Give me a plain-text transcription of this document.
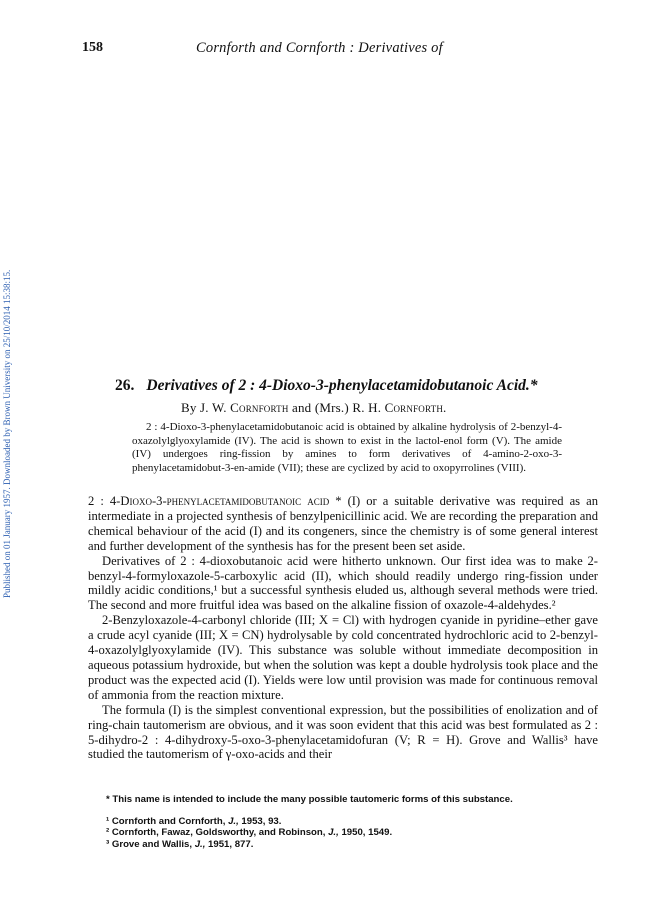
158	Cornforth and Cornforth : Derivatives of
Published on 01 January 1957. Downloaded by Brown University on 25/10/2014 15:38:15.	26. Derivatives of 2 : 4-Dioxo-3-phenylacetamidobutanoic Acid.*
By J. W. Cornforth and (Mrs.) R. H. Cornforth.

2 : 4-Dioxo-3-phenylacetamidobutanoic acid is obtained by alkaline hydrolysis of 2-benzyl-4-oxazolylglyoxylamide (IV). The acid is shown to exist in the lactol-enol form (V). The amide (IV) undergoes ring-fission by amines to form derivatives of 4-amino-2-oxo-3-phenylacetamidobut-3-en-amide (VII); these are cyclized by acid to oxopyrrolines (VIII).

2 : 4-Dioxo-3-phenylacetamidobutanoic acid * (I) or a suitable derivative was required as an intermediate in a projected synthesis of benzylpenicillinic acid. We are recording the preparation and chemical behaviour of the acid (I) and its congeners, since the chemistry is of some general interest and further development of the synthesis has for the present been set aside.

Derivatives of 2 : 4-dioxobutanoic acid were hitherto unknown. Our first idea was to make 2-benzyl-4-formyloxazole-5-carboxylic acid (II), which should readily undergo ring-fission under mildly acidic conditions,¹ but a successful synthesis eluded us, although several methods were tried. The second and more fruitful idea was based on the alkaline fission of oxazole-4-aldehydes.²

2-Benzyloxazole-4-carbonyl chloride (III; X = Cl) with hydrogen cyanide in pyridine–ether gave a crude acyl cyanide (III; X = CN) hydrolysable by cold concentrated hydrochloric acid to 2-benzyl-4-oxazolylglyoxylamide (IV). This substance was soluble without immediate decomposition in aqueous potassium hydroxide, but when the solution was kept a double hydrolysis took place and the product was the expected acid (I). Yields were low until provision was made for continuous removal of ammonia from the reaction mixture.

The formula (I) is the simplest conventional expression, but the possibilities of enolization and of ring-chain tautomerism are obvious, and it was soon evident that this acid was best formulated as 2 : 5-dihydro-2 : 4-dihydroxy-5-oxo-3-phenylacetamidofuran (V; R = H). Grove and Wallis³ have studied the tautomerism of γ-oxo-acids and their

* This name is intended to include the many possible tautomeric forms of this substance.
¹ Cornforth and Cornforth, J., 1953, 93.
² Cornforth, Fawaz, Goldsworthy, and Robinson, J., 1950, 1549.
³ Grove and Wallis, J., 1951, 877.
